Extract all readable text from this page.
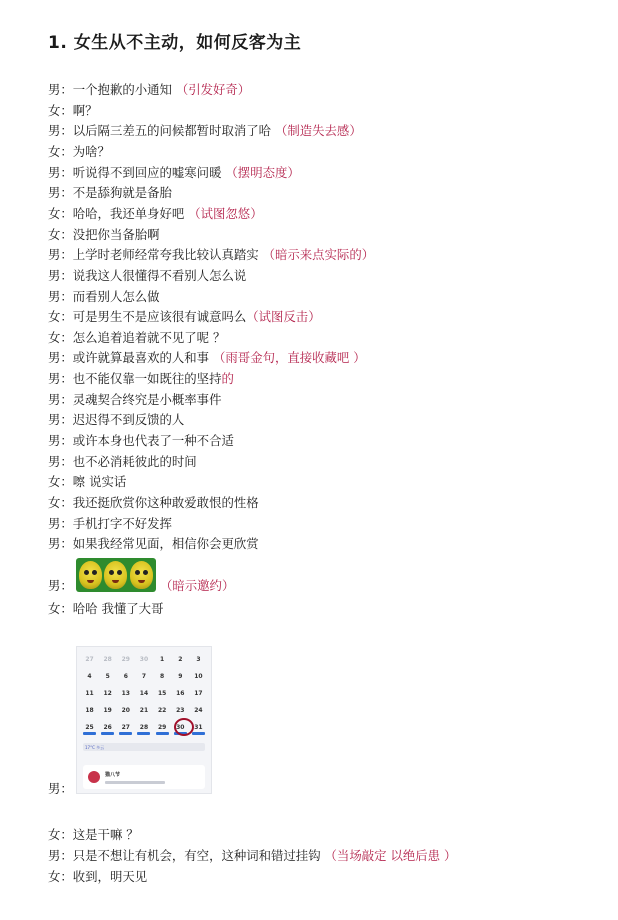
1. 女生从不主动，如何反客为主
男：一个抱歉的小通知 （引发好奇）
女：啊？
男：以后隔三差五的问候都暂时取消了哈 （制造失去感）
女：为啥？
男：听说得不到回应的嘘寒问暖 （摆明态度）
男：不是舔狗就是备胎
女：哈哈，我还单身好吧 （试图忽悠）
女：没把你当备胎啊
男：上学时老师经常夸我比较认真踏实 （暗示来点实际的）
男：说我这人很懂得不看别人怎么说
男：而看别人怎么做
女：可是男生不是应该很有诚意吗么（试图反击）
女：怎么追着追着就不见了呢 ？
男：或许就算最喜欢的人和事 （雨哥金句，直接收藏吧 ）
男：也不能仅靠一如既往的坚持的
男：灵魂契合终究是小概率事件
男：迟迟得不到反馈的人
男：或许本身也代表了一种不合适
男：也不必消耗彼此的时间
女：嚓 说实话
女：我还挺欣赏你这种敢爱敢恨的性格
男：手机打字不好发挥
男：如果我经常见面，相信你会更欣赏
男：	（暗示邀约）
女：哈哈 我懂了大哥
27	28	29	30	1	2	3
4	5	6	7	8	9	10
11	12	13	14	15	16	17
18	19	20	21	22	23	24
25	26	27	28	29	30	31
17°C 多云
猫八节
男：
女：这是干嘛 ？
男：只是不想让有机会，有空，这种词和错过挂钩 （当场敲定 以绝后患 ）
女：收到，明天见
